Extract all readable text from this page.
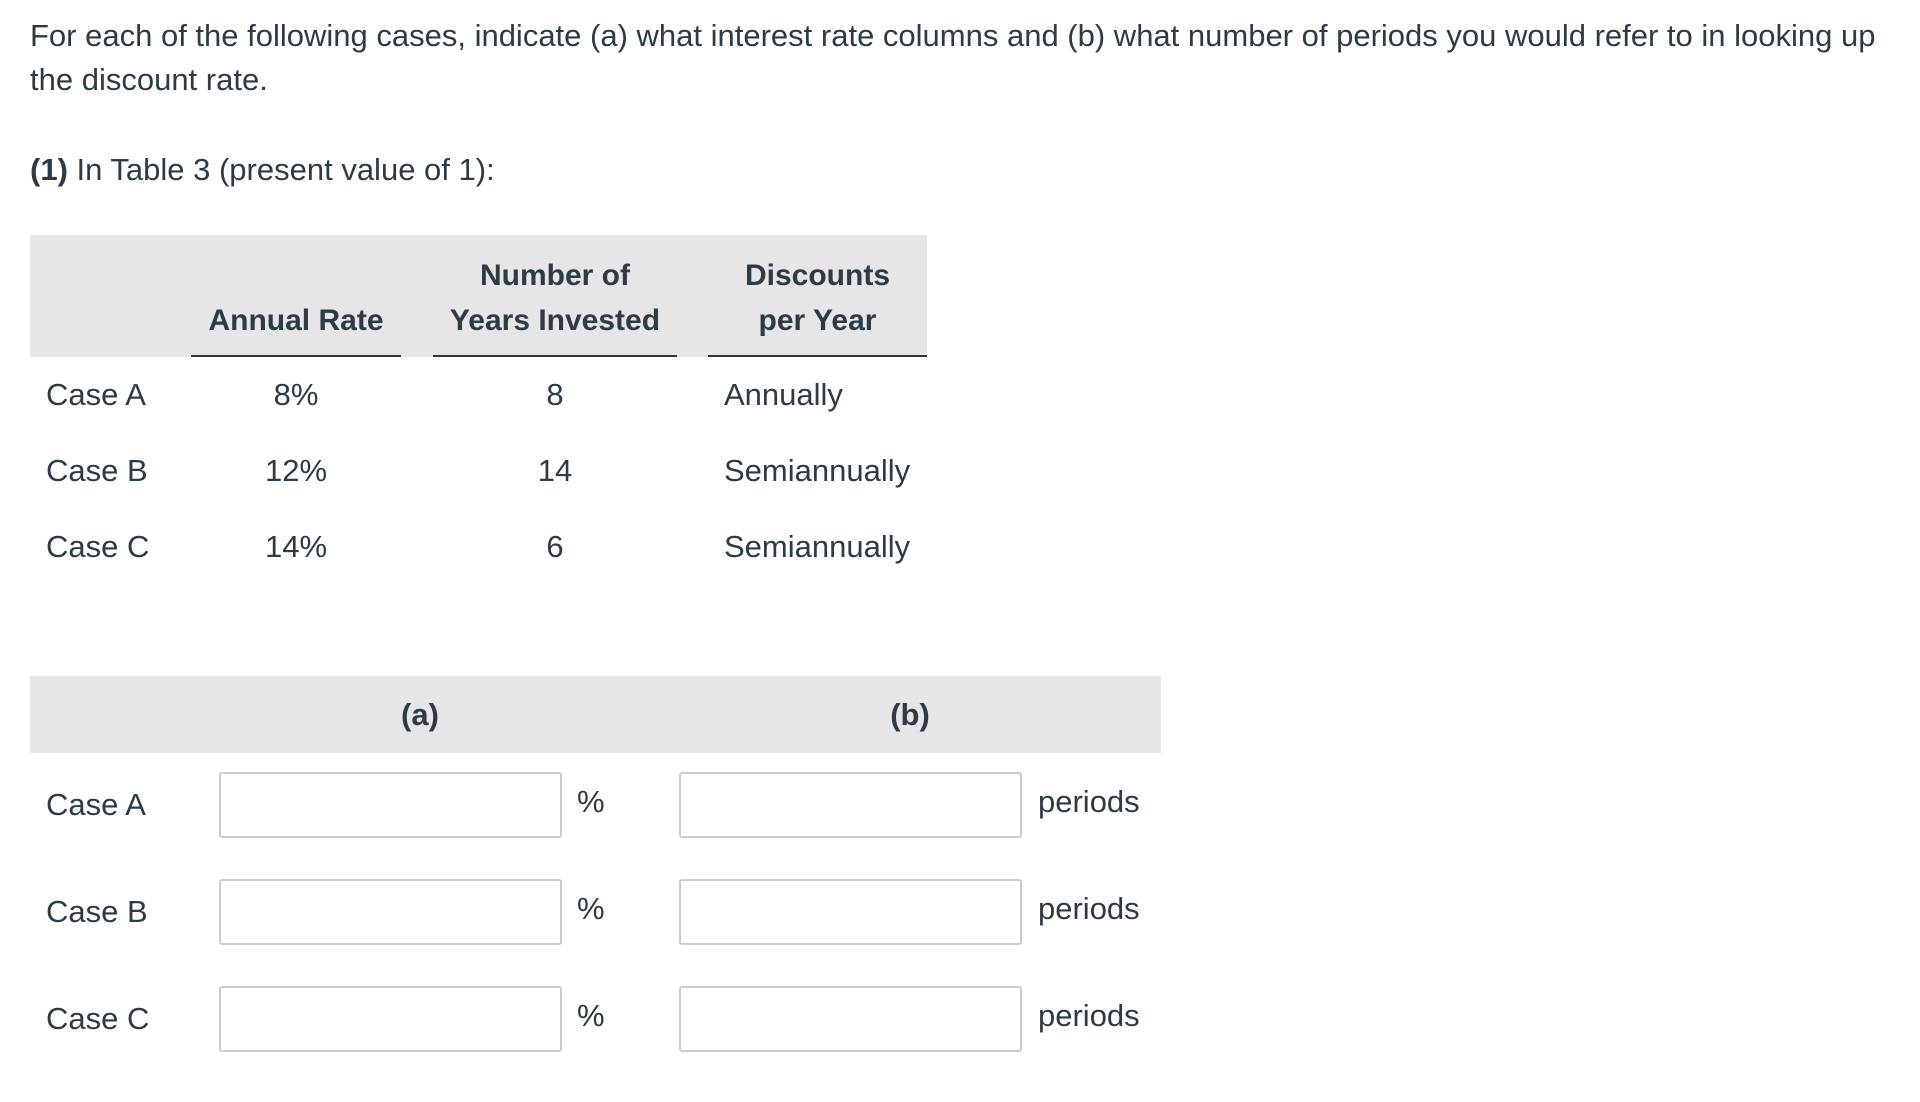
For each of the following cases, indicate (a) what interest rate columns and (b) what number of periods you would refer to in looking up the discount rate.

(1) In Table 3 (present value of 1):

Annual Rate
Number of
Years Invested
Discounts
per Year
Case A	8%	8	Annually
Case B	12%	14	Semiannually
Case C	14%	6	Semiannually
(a)	(b)
Case A	%	periods
Case B	%	periods
Case C	%	periods
